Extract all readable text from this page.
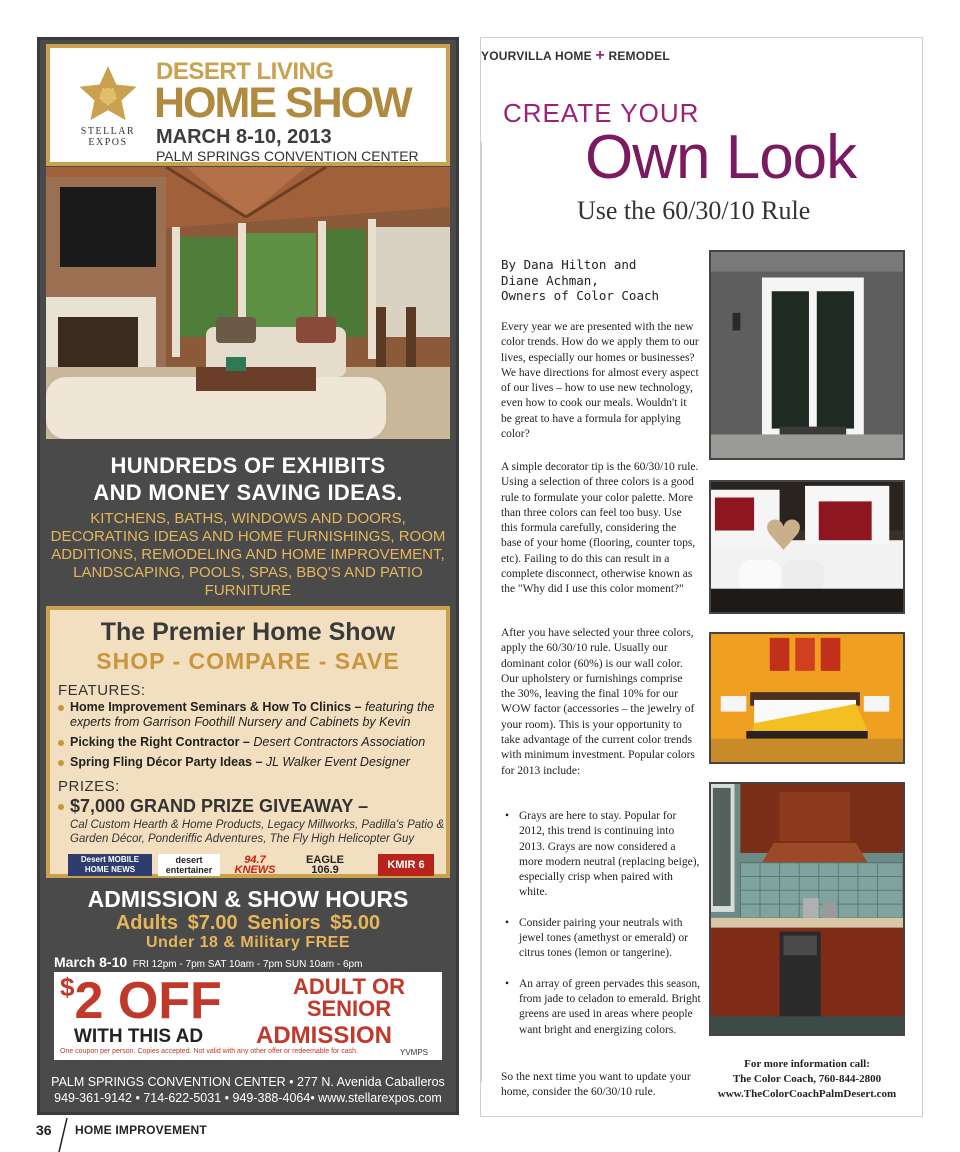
STELLAR EXPOS
DESERT LIVING
HOME SHOW
MARCH 8-10, 2013
PALM SPRINGS CONVENTION CENTER
HUNDREDS OF EXHIBITS
AND MONEY SAVING IDEAS.
KITCHENS, BATHS, WINDOWS AND DOORS, DECORATING IDEAS AND HOME FURNISHINGS, ROOM ADDITIONS, REMODELING AND HOME IMPROVEMENT, LANDSCAPING, POOLS, SPAS, BBQ'S AND PATIO FURNITURE
The Premier Home Show
SHOP - COMPARE - SAVE
FEATURES:
Home Improvement Seminars & How To Clinics – featuring the experts from Garrison Foothill Nursery and Cabinets by Kevin
Picking the Right Contractor – Desert Contractors Association
Spring Fling Décor Party Ideas – JL Walker Event Designer
PRIZES:
$7,000 GRAND PRIZE GIVEAWAY –
Cal Custom Hearth & Home Products, Legacy Millworks, Padilla's Patio & Garden Décor, Ponderiffic Adventures, The Fly High Helicopter Guy
Desert MOBILE HOME NEWS
desert entertainer
94.7 KNEWS
EAGLE 106.9	KMIR 6
ADMISSION & SHOW HOURS
Adults $7.00 Seniors $5.00
Under 18 & Military FREE
March 8-10 FRI 12pm - 7pm SAT 10am - 7pm SUN 10am - 6pm
$2 OFF	ADULT OR SENIOR
WITH THIS AD ADMISSION
One coupon per person. Copies accepted. Not valid with any other offer or redeemable for cash.	YVMPS
PALM SPRINGS CONVENTION CENTER • 277 N. Avenida Caballeros
949-361-9142 • 714-622-5031 • 949-388-4064• www.stellarexpos.com
YOURVILLA HOME + REMODEL
CREATE YOUR
Own Look
Use the 60/30/10 Rule
By Dana Hilton and
Diane Achman,
Owners of Color Coach

Every year we are presented with the new color trends. How do we apply them to our lives, especially our homes or businesses? We have directions for almost every aspect of our lives – how to use new technology, even how to cook our meals. Wouldn't it be great to have a formula for applying color?

A simple decorator tip is the 60/30/10 rule. Using a selection of three colors is a good rule to formulate your color palette. More than three colors can feel too busy. Use this formula carefully, considering the base of your home (flooring, counter tops, etc). Failing to do this can result in a complete disconnect, otherwise known as the "Why did I use this color moment?"

After you have selected your three colors, apply the 60/30/10 rule. Usually our dominant color (60%) is our wall color. Our upholstery or furnishings comprise the 30%, leaving the final 10% for our WOW factor (accessories – the jewelry of your room). This is your opportunity to take advantage of the current color trends with minimum investment. Popular colors for 2013 include:

• Grays are here to stay. Popular for 2012, this trend is continuing into 2013. Grays are now considered a more modern neutral (replacing beige), especially crisp when paired with white.
• Consider pairing your neutrals with jewel tones (amethyst or emerald) or citrus tones (lemon or tangerine).
• An array of green pervades this season, from jade to celadon to emerald. Bright greens are used in areas where people want bright and energizing colors.

So the next time you want to update your home, consider the 60/30/10 rule.

For more information call:
The Color Coach, 760-844-2800
www.TheColorCoachPalmDesert.com
36 HOME IMPROVEMENT
